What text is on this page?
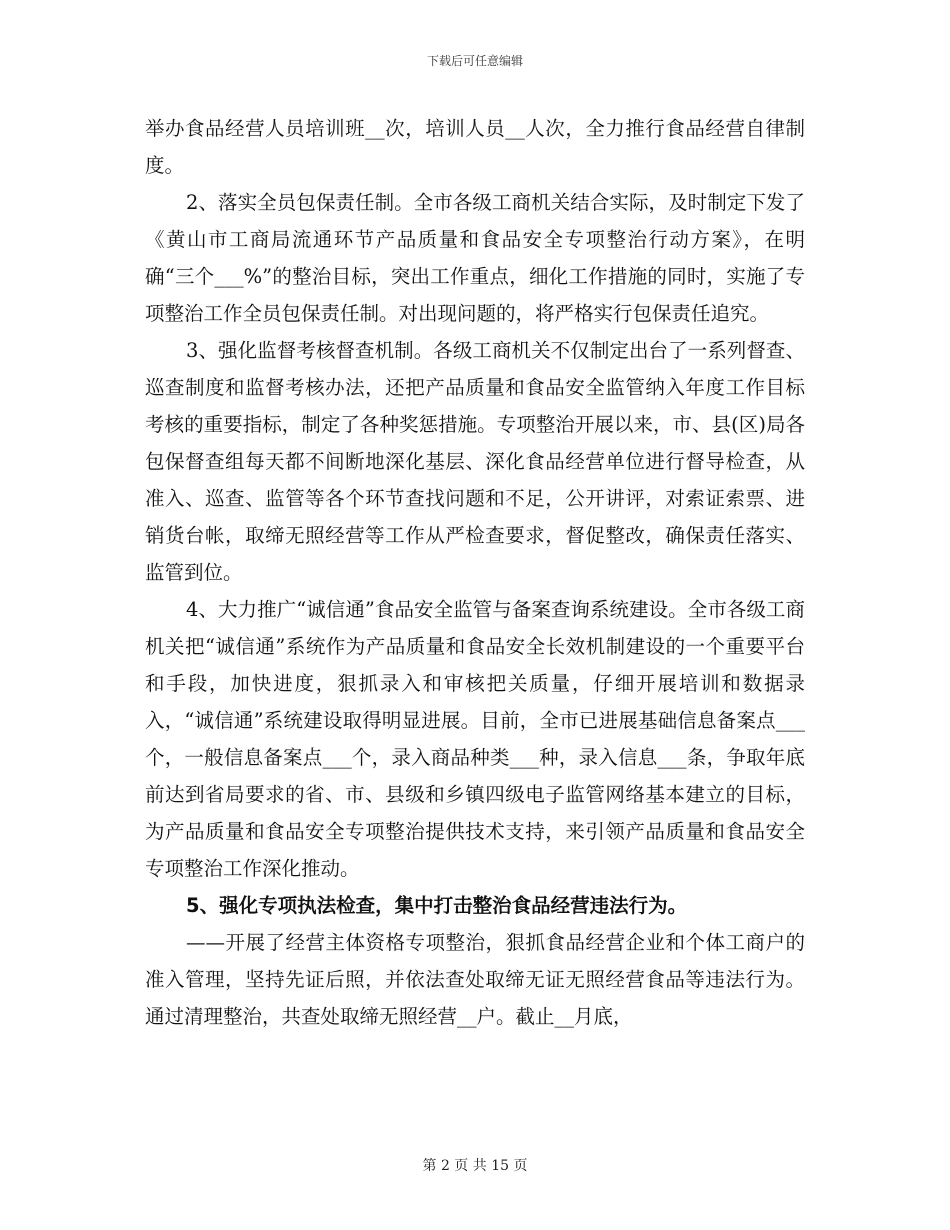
下载后可任意编辑

举办食品经营人员培训班__次，培训人员__人次，全力推行食品经营自律制度。

2、落实全员包保责任制。全市各级工商机关结合实际，及时制定下发了《黄山市工商局流通环节产品质量和食品安全专项整治行动方案》，在明确“三个___%”的整治目标，突出工作重点，细化工作措施的同时，实施了专项整治工作全员包保责任制。对出现问题的，将严格实行包保责任追究。

3、强化监督考核督查机制。各级工商机关不仅制定出台了一系列督查、巡查制度和监督考核办法，还把产品质量和食品安全监管纳入年度工作目标考核的重要指标，制定了各种奖惩措施。专项整治开展以来，市、县(区)局各包保督查组每天都不间断地深化基层、深化食品经营单位进行督导检查，从准入、巡查、监管等各个环节查找问题和不足，公开讲评，对索证索票、进销货台帐，取缔无照经营等工作从严检查要求，督促整改，确保责任落实、监管到位。

4、大力推广“诚信通”食品安全监管与备案查询系统建设。全市各级工商机关把“诚信通”系统作为产品质量和食品安全长效机制建设的一个重要平台和手段，加快进度，狠抓录入和审核把关质量，仔细开展培训和数据录入，“诚信通”系统建设取得明显进展。目前，全市已进展基础信息备案点___个，一般信息备案点___个，录入商品种类___种，录入信息___条，争取年底前达到省局要求的省、市、县级和乡镇四级电子监管网络基本建立的目标，为产品质量和食品安全专项整治提供技术支持，来引领产品质量和食品安全专项整治工作深化推动。

5、强化专项执法检查，集中打击整治食品经营违法行为。

——开展了经营主体资格专项整治，狠抓食品经营企业和个体工商户的准入管理，坚持先证后照，并依法查处取缔无证无照经营食品等违法行为。通过清理整治，共查处取缔无照经营__户。截止__月底，

第 2 页 共 15 页
